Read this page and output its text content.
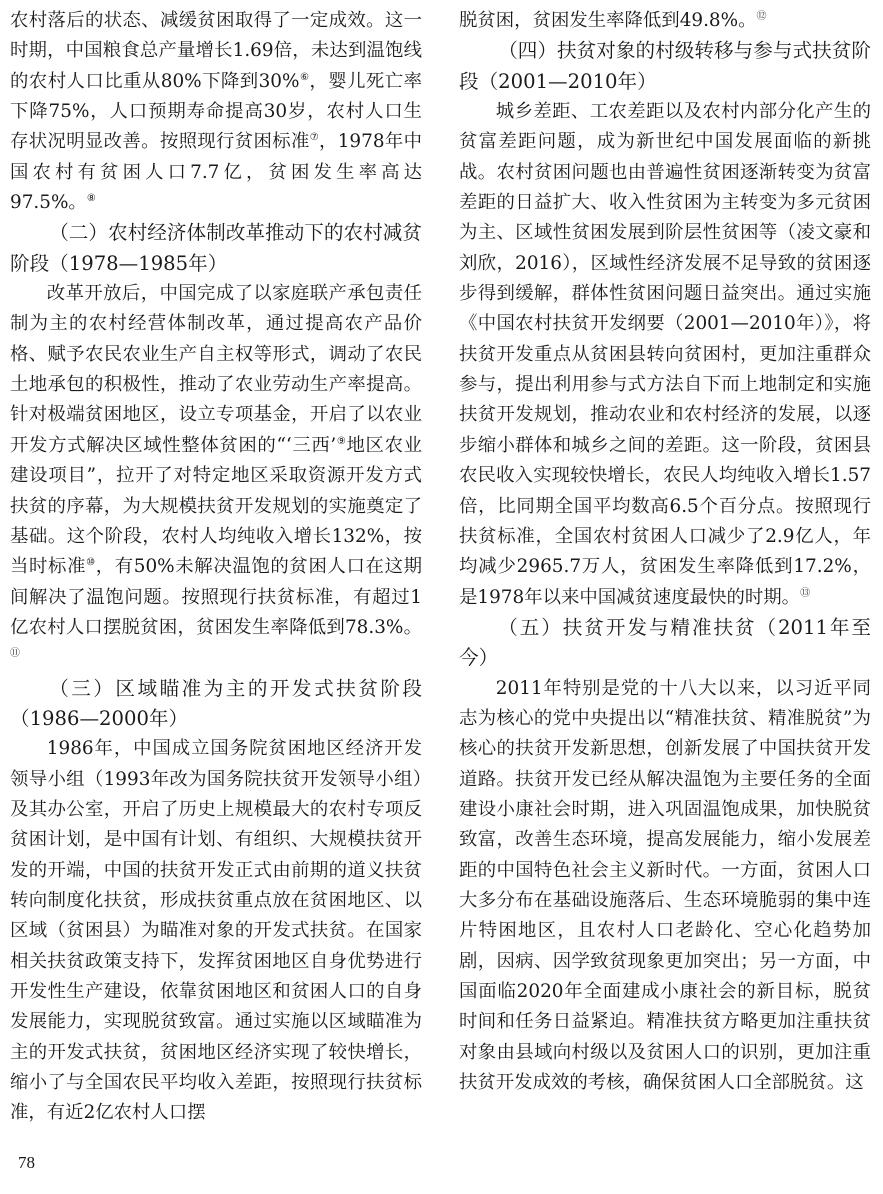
农村落后的状态、减缓贫困取得了一定成效。这一时期，中国粮食总产量增长1.69倍，未达到温饱线的农村人口比重从80%下降到30%⑥，婴儿死亡率下降75%，人口预期寿命提高30岁，农村人口生存状况明显改善。按照现行贫困标准⑦，1978年中国农村有贫困人口7.7亿，贫困发生率高达97.5%。⑧

（二）农村经济体制改革推动下的农村减贫阶段（1978—1985年）

改革开放后，中国完成了以家庭联产承包责任制为主的农村经营体制改革，通过提高农产品价格、赋予农民农业生产自主权等形式，调动了农民土地承包的积极性，推动了农业劳动生产率提高。针对极端贫困地区，设立专项基金，开启了以农业开发方式解决区域性整体贫困的“‘三西’⑨地区农业建设项目”，拉开了对特定地区采取资源开发方式扶贫的序幕，为大规模扶贫开发规划的实施奠定了基础。这个阶段，农村人均纯收入增长132%，按当时标准⑩，有50%未解决温饱的贫困人口在这期间解决了温饱问题。按照现行扶贫标准，有超过1亿农村人口摆脱贫困，贫困发生率降低到78.3%。⑪

（三）区域瞄准为主的开发式扶贫阶段（1986—2000年）

1986年，中国成立国务院贫困地区经济开发领导小组（1993年改为国务院扶贫开发领导小组）及其办公室，开启了历史上规模最大的农村专项反贫困计划，是中国有计划、有组织、大规模扶贫开发的开端，中国的扶贫开发正式由前期的道义扶贫转向制度化扶贫，形成扶贫重点放在贫困地区、以区域（贫困县）为瞄准对象的开发式扶贫。在国家相关扶贫政策支持下，发挥贫困地区自身优势进行开发性生产建设，依靠贫困地区和贫困人口的自身发展能力，实现脱贫致富。通过实施以区域瞄准为主的开发式扶贫，贫困地区经济实现了较快增长，缩小了与全国农民平均收入差距，按照现行扶贫标准，有近2亿农村人口摆

脱贫困，贫困发生率降低到49.8%。⑫

（四）扶贫对象的村级转移与参与式扶贫阶段（2001—2010年）

城乡差距、工农差距以及农村内部分化产生的贫富差距问题，成为新世纪中国发展面临的新挑战。农村贫困问题也由普遍性贫困逐渐转变为贫富差距的日益扩大、收入性贫困为主转变为多元贫困为主、区域性贫困发展到阶层性贫困等（凌文豪和刘欣，2016），区域性经济发展不足导致的贫困逐步得到缓解，群体性贫困问题日益突出。通过实施《中国农村扶贫开发纲要（2001—2010年）》，将扶贫开发重点从贫困县转向贫困村，更加注重群众参与，提出利用参与式方法自下而上地制定和实施扶贫开发规划，推动农业和农村经济的发展，以逐步缩小群体和城乡之间的差距。这一阶段，贫困县农民收入实现较快增长，农民人均纯收入增长1.57倍，比同期全国平均数高6.5个百分点。按照现行扶贫标准，全国农村贫困人口减少了2.9亿人，年均减少2965.7万人，贫困发生率降低到17.2%，是1978年以来中国减贫速度最快的时期。⑬

（五）扶贫开发与精准扶贫（2011年至今）

2011年特别是党的十八大以来，以习近平同志为核心的党中央提出以“精准扶贫、精准脱贫”为核心的扶贫开发新思想，创新发展了中国扶贫开发道路。扶贫开发已经从解决温饱为主要任务的全面建设小康社会时期，进入巩固温饱成果，加快脱贫致富，改善生态环境，提高发展能力，缩小发展差距的中国特色社会主义新时代。一方面，贫困人口大多分布在基础设施落后、生态环境脆弱的集中连片特困地区，且农村人口老龄化、空心化趋势加剧，因病、因学致贫现象更加突出；另一方面，中国面临2020年全面建成小康社会的新目标，脱贫时间和任务日益紧迫。精准扶贫方略更加注重扶贫对象由县域向村级以及贫困人口的识别，更加注重扶贫开发成效的考核，确保贫困人口全部脱贫。这

78
